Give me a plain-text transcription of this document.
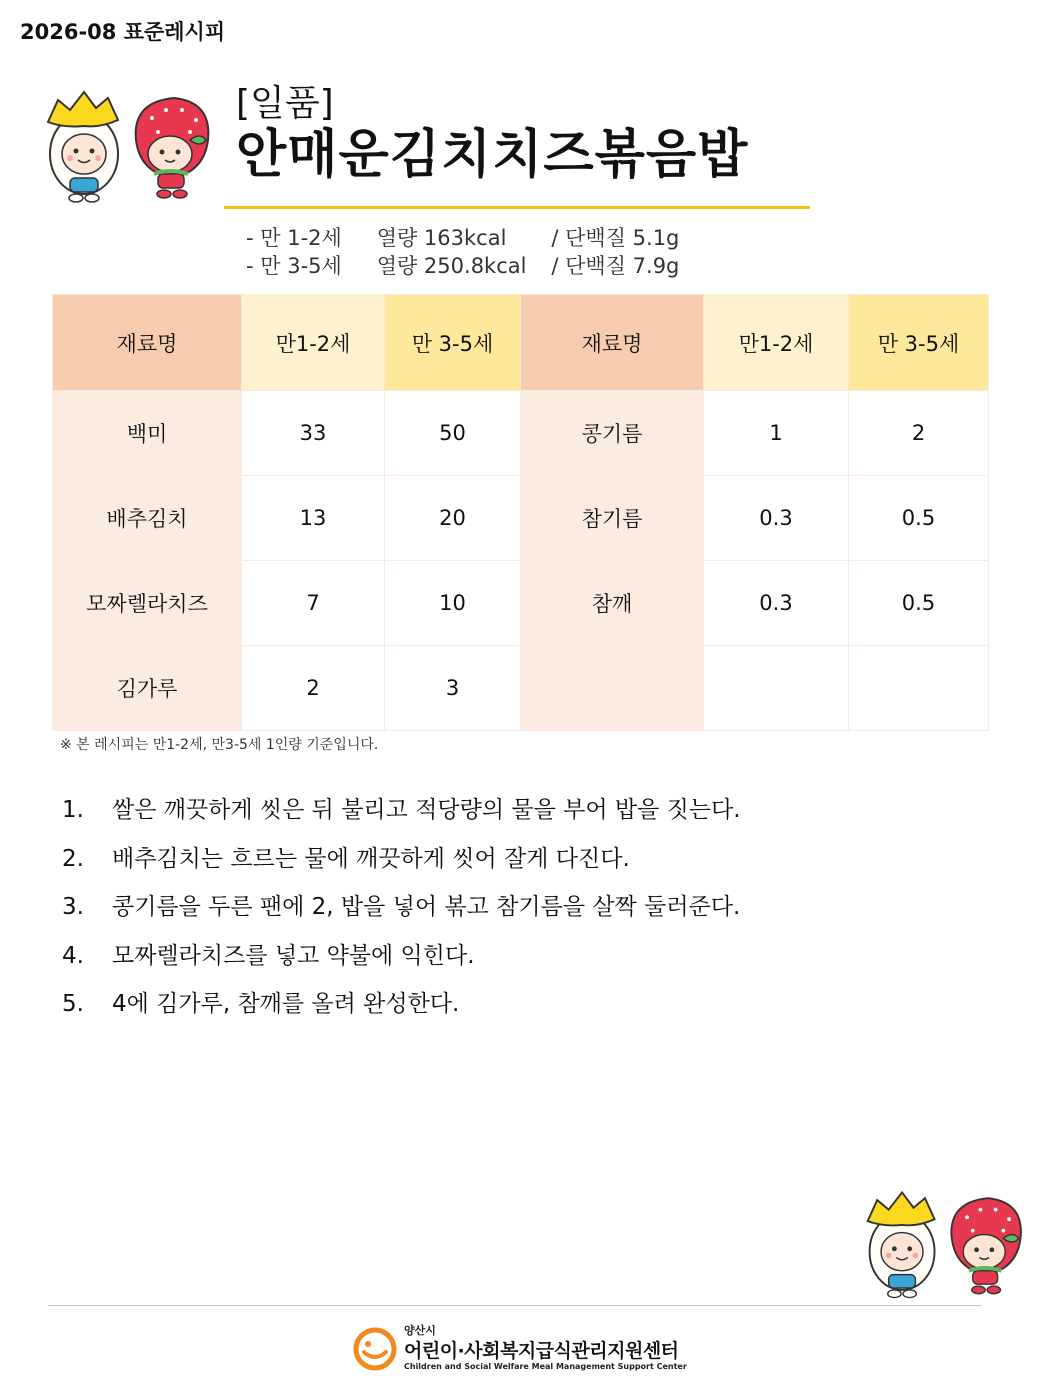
2026-08 표준레시피
[일품]
안매운김치치즈볶음밥
- 만 1-2세 열량 163kcal / 단백질 5.1g
- 만 3-5세 열량 250.8kcal / 단백질 7.9g
재료명	만1-2세	만 3-5세	재료명	만1-2세	만 3-5세
백미	33	50	콩기름	1	2
배추김치	13	20	참기름	0.3	0.5
모짜렐라치즈	7	10	참깨	0.3	0.5
김가루	2	3			
※ 본 레시피는 만1-2세, 만3-5세 1인량 기준입니다.
1.	쌀은 깨끗하게 씻은 뒤 불리고 적당량의 물을 부어 밥을 짓는다.
2.	배추김치는 흐르는 물에 깨끗하게 씻어 잘게 다진다.
3.	콩기름을 두른 팬에 2, 밥을 넣어 볶고 참기름을 살짝 둘러준다.
4.	모짜렐라치즈를 넣고 약불에 익힌다.
5.	4에 김가루, 참깨를 올려 완성한다.
양산시
어린이·사회복지급식관리지원센터
Children and Social Welfare Meal Management Support Center
